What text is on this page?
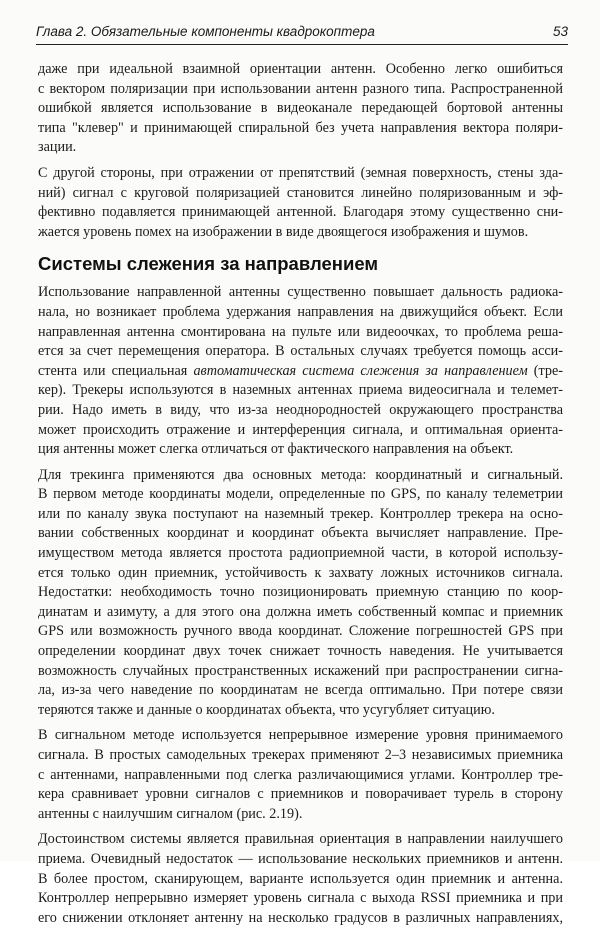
Глава 2. Обязательные компоненты квадрокоптера	53

даже при идеальной взаимной ориентации антенн. Особенно легко ошибиться
с вектором поляризации при использовании антенн разного типа. Распространенной
ошибкой является использование в видеоканале передающей бортовой антенны
типа "клевер" и принимающей спиральной без учета направления вектора поляри-
зации.

С другой стороны, при отражении от препятствий (земная поверхность, стены зда-
ний) сигнал с круговой поляризацией становится линейно поляризованным и эф-
фективно подавляется принимающей антенной. Благодаря этому существенно сни-
жается уровень помех на изображении в виде двоящегося изображения и шумов.

Системы слежения за направлением

Использование направленной антенны существенно повышает дальность радиока-
нала, но возникает проблема удержания направления на движущийся объект. Если
направленная антенна смонтирована на пульте или видеоочках, то проблема решa-
ется за счет перемещения оператора. В остальных случаях требуется помощь асси-
стента или специальная автоматическая система слежения за направлением (тре-
кер). Трекеры используются в наземных антеннах приема видеосигнала и телемет-
рии. Надо иметь в виду, что из-за неоднородностей окружающего пространства
может происходить отражение и интерференция сигнала, и оптимальная ориента-
ция антенны может слегка отличаться от фактического направления на объект.

Для трекинга применяются два основных метода: координатный и сигнальный.
В первом методе координаты модели, определенные по GPS, по каналу телеметрии
или по каналу звука поступают на наземный трекер. Контроллер трекера на осно-
вании собственных координат и координат объекта вычисляет направление. Пре-
имуществом метода является простота радиоприемной части, в которой использу-
ется только один приемник, устойчивость к захвату ложных источников сигнала.
Недостатки: необходимость точно позиционировать приемную станцию по коор-
динатам и азимуту, а для этого она должна иметь собственный компас и приемник
GPS или возможность ручного ввода координат. Сложение погрешностей GPS при
определении координат двух точек снижает точность наведения. Не учитывается
возможность случайных пространственных искажений при распространении сигна-
ла, из-за чего наведение по координатам не всегда оптимально. При потере связи
теряются также и данные о координатах объекта, что усугубляет ситуацию.

В сигнальном методе используется непрерывное измерение уровня принимаемого
сигнала. В простых самодельных трекерах применяют 2–3 независимых приемника
с антеннами, направленными под слегка различающимися углами. Контроллер тре-
кера сравнивает уровни сигналов с приемников и поворачивает турель в сторону
антенны с наилучшим сигналом (рис. 2.19).

Достоинством системы является правильная ориентация в направлении наилучшего
приема. Очевидный недостаток — использование нескольких приемников и антенн.
В более простом, сканирующем, варианте используется один приемник и антенна.
Контроллер непрерывно измеряет уровень сигнала с выхода RSSI приемника и при
его снижении отклоняет антенну на несколько градусов в различных направлениях,
